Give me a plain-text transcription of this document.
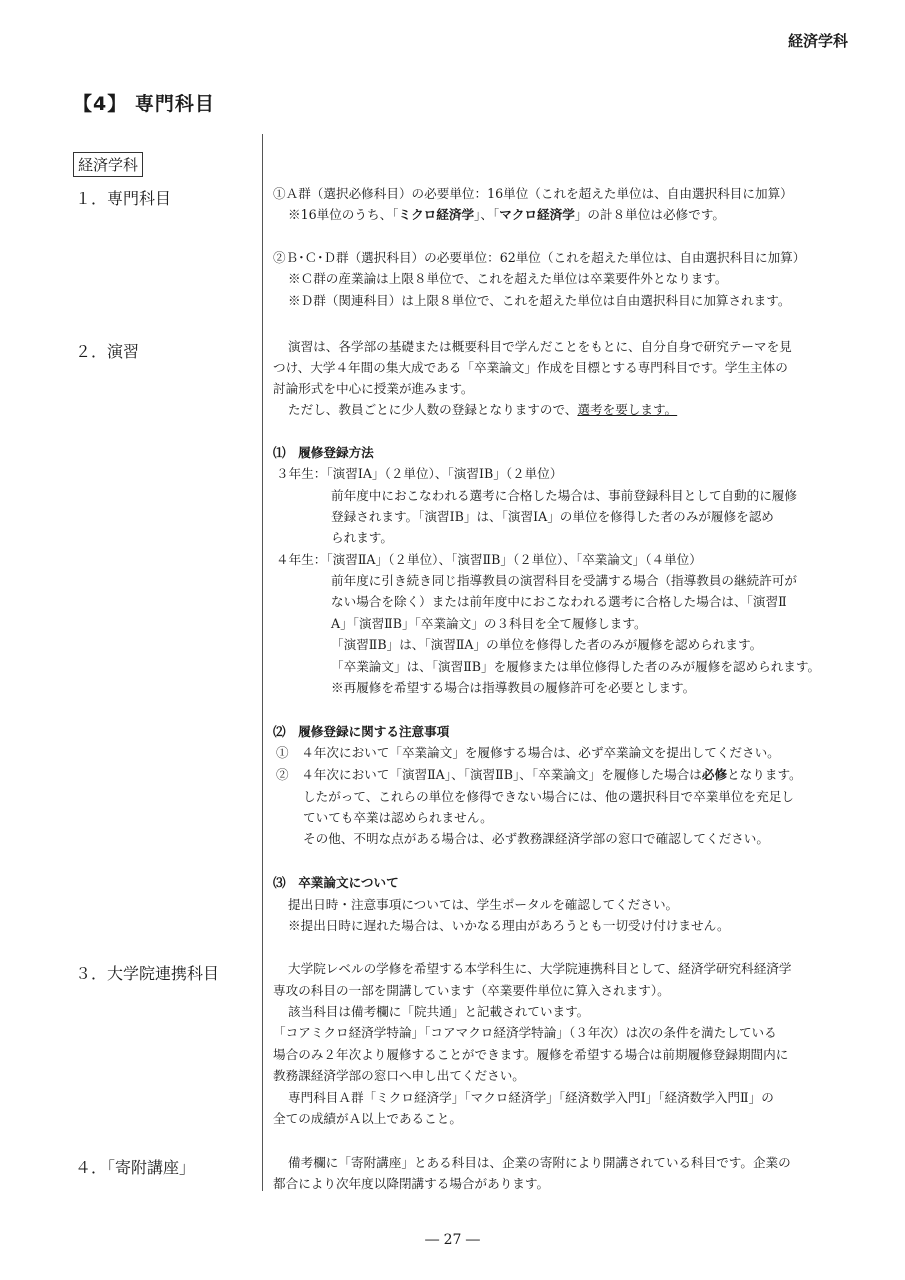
経済学科
【4】 専門科目
経済学科
１．専門科目
２．演習
３．大学院連携科目
４．「寄附講座」
①Ａ群（選択必修科目）の必要単位：16単位（これを超えた単位は、自由選択科目に加算）
※16単位のうち、「ミクロ経済学」、「マクロ経済学」の計８単位は必修です。
②Ｂ･Ｃ･Ｄ群（選択科目）の必要単位：62単位（これを超えた単位は、自由選択科目に加算）
※Ｃ群の産業論は上限８単位で、これを超えた単位は卒業要件外となります。
※Ｄ群（関連科目）は上限８単位で、これを超えた単位は自由選択科目に加算されます。
演習は、各学部の基礎または概要科目で学んだことをもとに、自分自身で研究テーマを見
つけ、大学４年間の集大成である「卒業論文」作成を目標とする専門科目です。学生主体の
討論形式を中心に授業が進みます。
ただし、教員ごとに少人数の登録となりますので、選考を要します。
⑴　履修登録方法
３年生：「演習ⅠA」（２単位）、「演習ⅠB」（２単位）
前年度中におこなわれる選考に合格した場合は、事前登録科目として自動的に履修
登録されます。「演習ⅠB」は、「演習ⅠA」の単位を修得した者のみが履修を認め
られます。
４年生：「演習ⅡA」（２単位）、「演習ⅡB」（２単位）、「卒業論文」（４単位）
前年度に引き続き同じ指導教員の演習科目を受講する場合（指導教員の継続許可が
ない場合を除く）または前年度中におこなわれる選考に合格した場合は、「演習Ⅱ
A」「演習ⅡB」「卒業論文」の３科目を全て履修します。
「演習ⅡB」は、「演習ⅡA」の単位を修得した者のみが履修を認められます。
「卒業論文」は、「演習ⅡB」を履修または単位修得した者のみが履修を認められます。
※再履修を希望する場合は指導教員の履修許可を必要とします。
⑵　履修登録に関する注意事項
①　４年次において「卒業論文」を履修する場合は、必ず卒業論文を提出してください。
②　４年次において「演習ⅡA」、「演習ⅡB」、「卒業論文」を履修した場合は必修となります。
したがって、これらの単位を修得できない場合には、他の選択科目で卒業単位を充足し
ていても卒業は認められません。
その他、不明な点がある場合は、必ず教務課経済学部の窓口で確認してください。
⑶　卒業論文について
提出日時・注意事項については、学生ポータルを確認してください。
※提出日時に遅れた場合は、いかなる理由があろうとも一切受け付けません。
大学院レベルの学修を希望する本学科生に、大学院連携科目として、経済学研究科経済学
専攻の科目の一部を開講しています（卒業要件単位に算入されます）。
該当科目は備考欄に「院共通」と記載されています。
「コアミクロ経済学特論」「コアマクロ経済学特論」（３年次）は次の条件を満たしている
場合のみ２年次より履修することができます。履修を希望する場合は前期履修登録期間内に
教務課経済学部の窓口へ申し出てください。
専門科目Ａ群「ミクロ経済学」「マクロ経済学」「経済数学入門Ⅰ」「経済数学入門Ⅱ」の
全ての成績がＡ以上であること。
備考欄に「寄附講座」とある科目は、企業の寄附により開講されている科目です。企業の
都合により次年度以降閉講する場合があります。
― 27 ―
